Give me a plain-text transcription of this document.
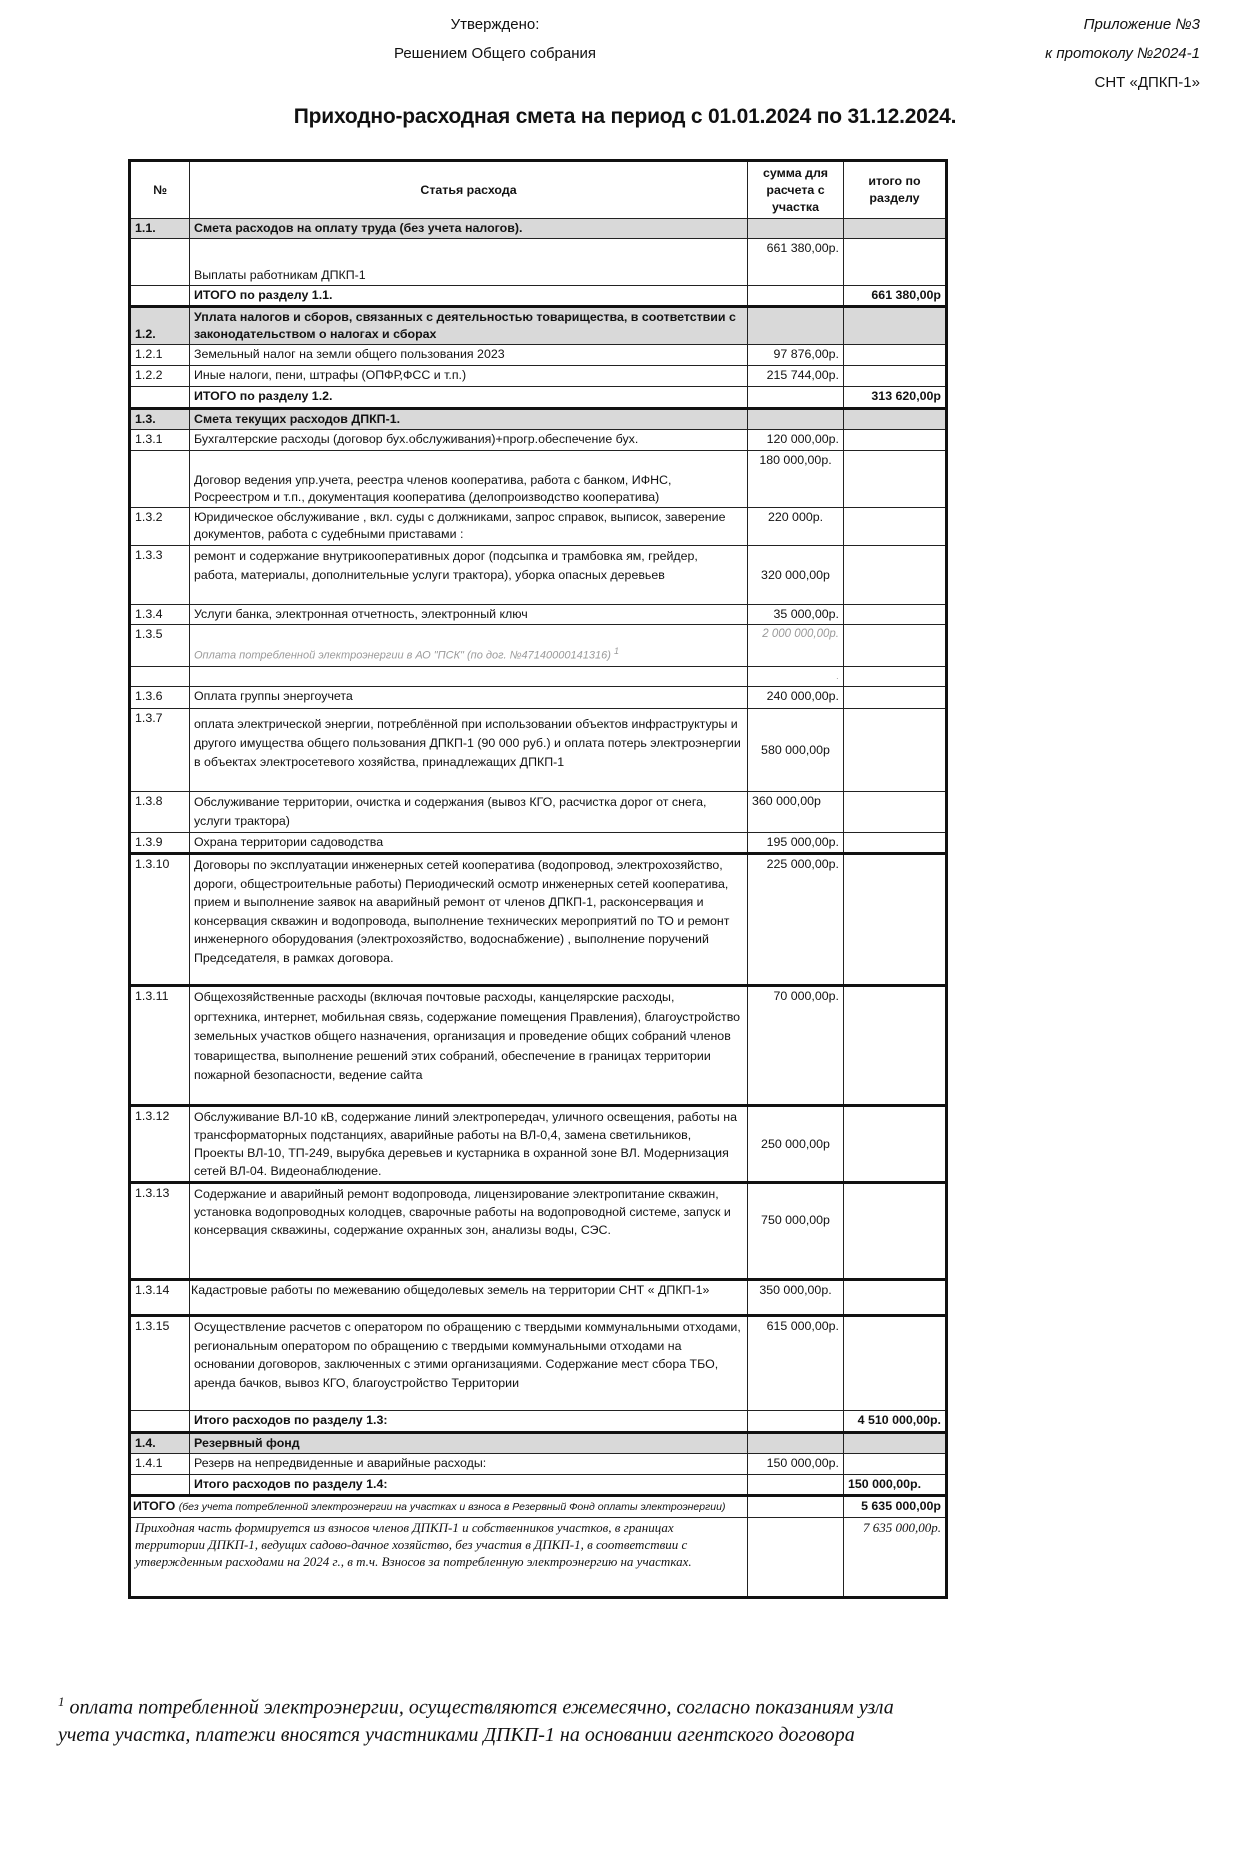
Утверждено:
Решением Общего собрания
Приложение №3
к протоколу №2024-1
СНТ «ДПКП-1»
Приходно-расходная смета на период с 01.01.2024 по 31.12.2024.
№	Статья расхода	сумма для расчета с участка	итого по разделу
1.1.	Смета расходов на оплату труда (без учета налогов).		
	Выплаты работникам ДПКП-1	661 380,00р.	
	ИТОГО по разделу 1.1.		661 380,00р
1.2.	Уплата налогов и сборов, связанных с деятельностью товарищества, в соответствии с законодательством о налогах и сборах		
1.2.1	Земельный налог на земли общего пользования 2023	97 876,00р.	
1.2.2	Иные налоги, пени, штрафы (ОПФР,ФСС и т.п.)	215 744,00р.	
	ИТОГО по разделу 1.2.		313 620,00р
1.3.	Смета текущих расходов ДПКП-1.		
1.3.1	Бухгалтерские расходы (договор бух.обслуживания)+прогр.обеспечение бух.	120 000,00р.	
	Договор ведения упр.учета, реестра членов кооператива, работа с банком, ИФНС, Росреестром и т.п., документация кооператива (делопроизводство кооператива)	180 000,00р.	
1.3.2	Юридическое обслуживание , вкл. суды с должниками, запрос справок, выписок, заверение документов, работа с судебными приставами :	220 000р.	
1.3.3	ремонт и содержание внутрикооперативных дорог (подсыпка и трамбовка ям, грейдер, работа, материалы, дополнительные услуги трактора), уборка опасных деревьев	320 000,00р	
1.3.4	Услуги банка, электронная отчетность, электронный ключ	35 000,00р.	
1.3.5	Оплата потребленной электроэнергии в АО "ПСК" (по дог. №47140000141316) $^1$	2 000 000,00р.	
		.	
1.3.6	Оплата группы энергоучета	240 000,00р.	
1.3.7	оплата электрической энергии, потреблённой при использовании объектов инфраструктуры и другого имущества общего пользования ДПКП-1 (90 000 руб.) и оплата потерь электроэнергии в объектах электросетевого хозяйства, принадлежащих ДПКП-1	580 000,00р	
1.3.8	Обслуживание территории, очистка и содержания (вывоз КГО, расчистка дорог от снега, услуги трактора)	360 000,00р	
1.3.9	Охрана территории садоводства	195 000,00р.	
1.3.10	Договоры по эксплуатации инженерных сетей кооператива (водопровод, электрохозяйство, дороги, общестроительные работы) Периодический осмотр инженерных сетей кооператива, прием и выполнение заявок на аварийный ремонт от членов ДПКП-1, расконсервация и консервация скважин и водопровода, выполнение технических мероприятий по ТО и ремонт инженерного оборудования (электрохозяйство, водоснабжение) , выполнение поручений Председателя, в рамках договора.	225 000,00р.	
1.3.11	Общехозяйственные расходы (включая почтовые расходы, канцелярские расходы, оргтехника, интернет, мобильная связь, содержание помещения Правления), благоустройство земельных участков общего назначения, организация и проведение общих собраний членов товарищества, выполнение решений этих собраний, обеспечение в границах территории пожарной безопасности, ведение сайта	70 000,00р.	
1.3.12	Обслуживание ВЛ-10 кВ, содержание линий электропередач, уличного освещения, работы на трансформаторных подстанциях, аварийные работы на ВЛ-0,4, замена светильников, Проекты ВЛ-10, ТП-249, вырубка деревьев и кустарника в охранной зоне ВЛ. Модернизация сетей ВЛ-04. Видеонаблюдение.	250 000,00р	
1.3.13	Содержание и аварийный ремонт водопровода, лицензирование электропитание скважин, установка водопроводных колодцев, сварочные работы на водопроводной системе, запуск и консервация скважины, содержание охранных зон, анализы воды, СЭС.	750 000,00р	
1.3.14	Кадастровые работы по межеванию общедолевых земель на территории СНТ « ДПКП-1»	350 000,00р.	
1.3.15	Осуществление расчетов с оператором по обращению с твердыми коммунальными отходами, региональным оператором по обращению с твердыми коммунальными отходами на основании договоров, заключенных с этими организациями. Содержание мест сбора ТБО, аренда бачков, вывоз КГО, благоустройство Территории	615 000,00р.	
	Итого расходов по разделу 1.3:		4 510 000,00р.
1.4.	Резервный фонд		
1.4.1	Резерв на непредвиденные и аварийные расходы:	150 000,00р.	
	Итого расходов по разделу 1.4:		150 000,00р.
ИТОГО (без учета потребленной электроэнергии на участках и взноса в Резервный Фонд оплаты электроэнергии)			5 635 000,00р
Приходная часть формируется из взносов членов ДПКП-1 и собственников участков, в границах территории ДПКП-1, ведущих садово-дачное хозяйство, без участия в ДПКП-1, в соответствии с утвержденным расходами на 2024 г., в т.ч. Взносов за потребленную электроэнергию на участках.			7 635 000,00р.
$^1$ оплата потребленной электроэнергии, осуществляются ежемесячно, согласно показаниям узла учета участка, платежи вносятся участниками ДПКП-1 на основании агентского договора
